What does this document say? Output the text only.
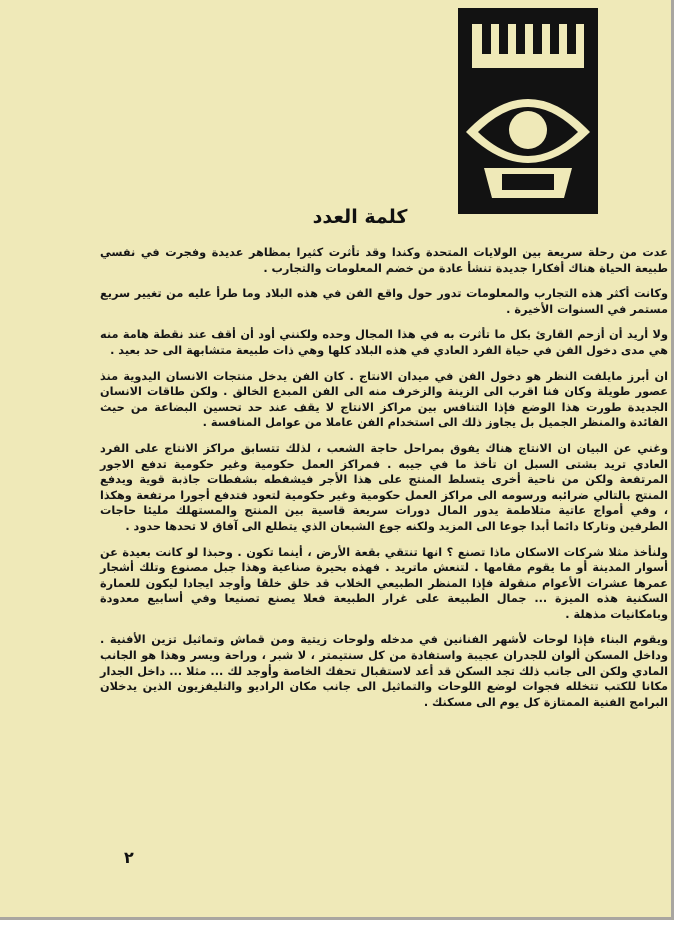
كلمة العدد

عدت من رحلة سريعة بين الولايات المتحدة وكندا وقد تأثرت كثيرا بمظاهر عديدة وفجرت في نفسي طبيعة الحياة هناك أفكارا جديدة تنشأ عادة من خضم المعلومات والتجارب .

وكانت أكثر هذه التجارب والمعلومات تدور حول واقع الفن في هذه البلاد وما طرأ عليه من تغيير سريع مستمر في السنوات الأخيرة .

ولا أريد أن أزحم القارئ بكل ما تأثرت به في هذا المجال وحده ولكنني أود أن أقف عند نقطة هامة منه هي مدى دخول الفن في حياة الفرد العادي في هذه البلاد كلها وهي ذات طبيعة متشابهة الى حد بعيد .

ان أبرز مايلفت النظر هو دخول الفن في ميدان الانتاج . كان الفن يدخل منتجات الانسان اليدوية منذ عصور طويلة وكان فنا اقرب الى الزينة والزخرف منه الى الفن المبدع الخالق . ولكن طاقات الانسان الجديدة طورت هذا الوضع فإذا التنافس بين مراكز الانتاج لا يقف عند حد تحسين البضاعة من حيث الفائدة والمنظر الجميل بل يجاوز ذلك الى استخدام الفن عاملا من عوامل المنافسة .

وغني عن البيان ان الانتاج هناك يفوق بمراحل حاجة الشعب ، لذلك تتسابق مراكز الانتاج على الفرد العادي تريد بشتى السبل ان تأخذ ما في جيبه . فمراكز العمل حكومية وغير حكومية تدفع الاجور المرتفعة ولكن من ناحية أخرى يتسلط المنتج على هذا الأجر فيشفطه بشفطات جاذبة قوية ويدفع المنتج بالتالي ضرائبه ورسومه الى مراكز العمل حكومية وغير حكومية لتعود فتدفع أجورا مرتفعة وهكذا ، وفي أمواج عاتية متلاطمة يدور المال دورات سريعة قاسية بين المنتج والمستهلك مليئا حاجات الطرفين وتاركا دائما أبدا جوعا الى المزيد ولكنه جوع الشبعان الذي يتطلع الى آفاق لا تحدها حدود .

ولنأخذ مثلا شركات الاسكان ماذا تصنع ؟ انها تنتقي بقعة الأرض ، أينما تكون . وحبذا لو كانت بعيدة عن أسوار المدينة أو ما يقوم مقامها . لتنعش ماتريد . فهذه بحيرة صناعية وهذا جبل مصنوع وتلك أشجار عمرها عشرات الأعوام منقولة فإذا المنظر الطبيعي الخلاب قد خلق خلقا وأوجد ايجادا ليكون للعمارة السكنية هذه الميزة ... جمال الطبيعة على غرار الطبيعة فعلا يصنع تصنيعا وفي أسابيع معدودة وبامكانيات مذهلة .

ويقوم البناء فإذا لوحات لأشهر الفنانين في مدخله ولوحات زيتية ومن قماش وتماثيل تزين الأفنية . وداخل المسكن ألوان للجدران عجيبة واستفادة من كل سنتيمتر ، لا شبر ، وراحة ويسر وهذا هو الجانب المادي ولكن الى جانب ذلك تجد السكن قد أعد لاستقبال تحفك الخاصة وأوجد لك ... مثلا ... داخل الجدار مكانا للكتب تتخلله فجوات لوضع اللوحات والتماثيل الى جانب مكان الراديو والتليفزيون الذين يدخلان البرامج الفنية الممتازة كل يوم الى مسكنك .

٢
